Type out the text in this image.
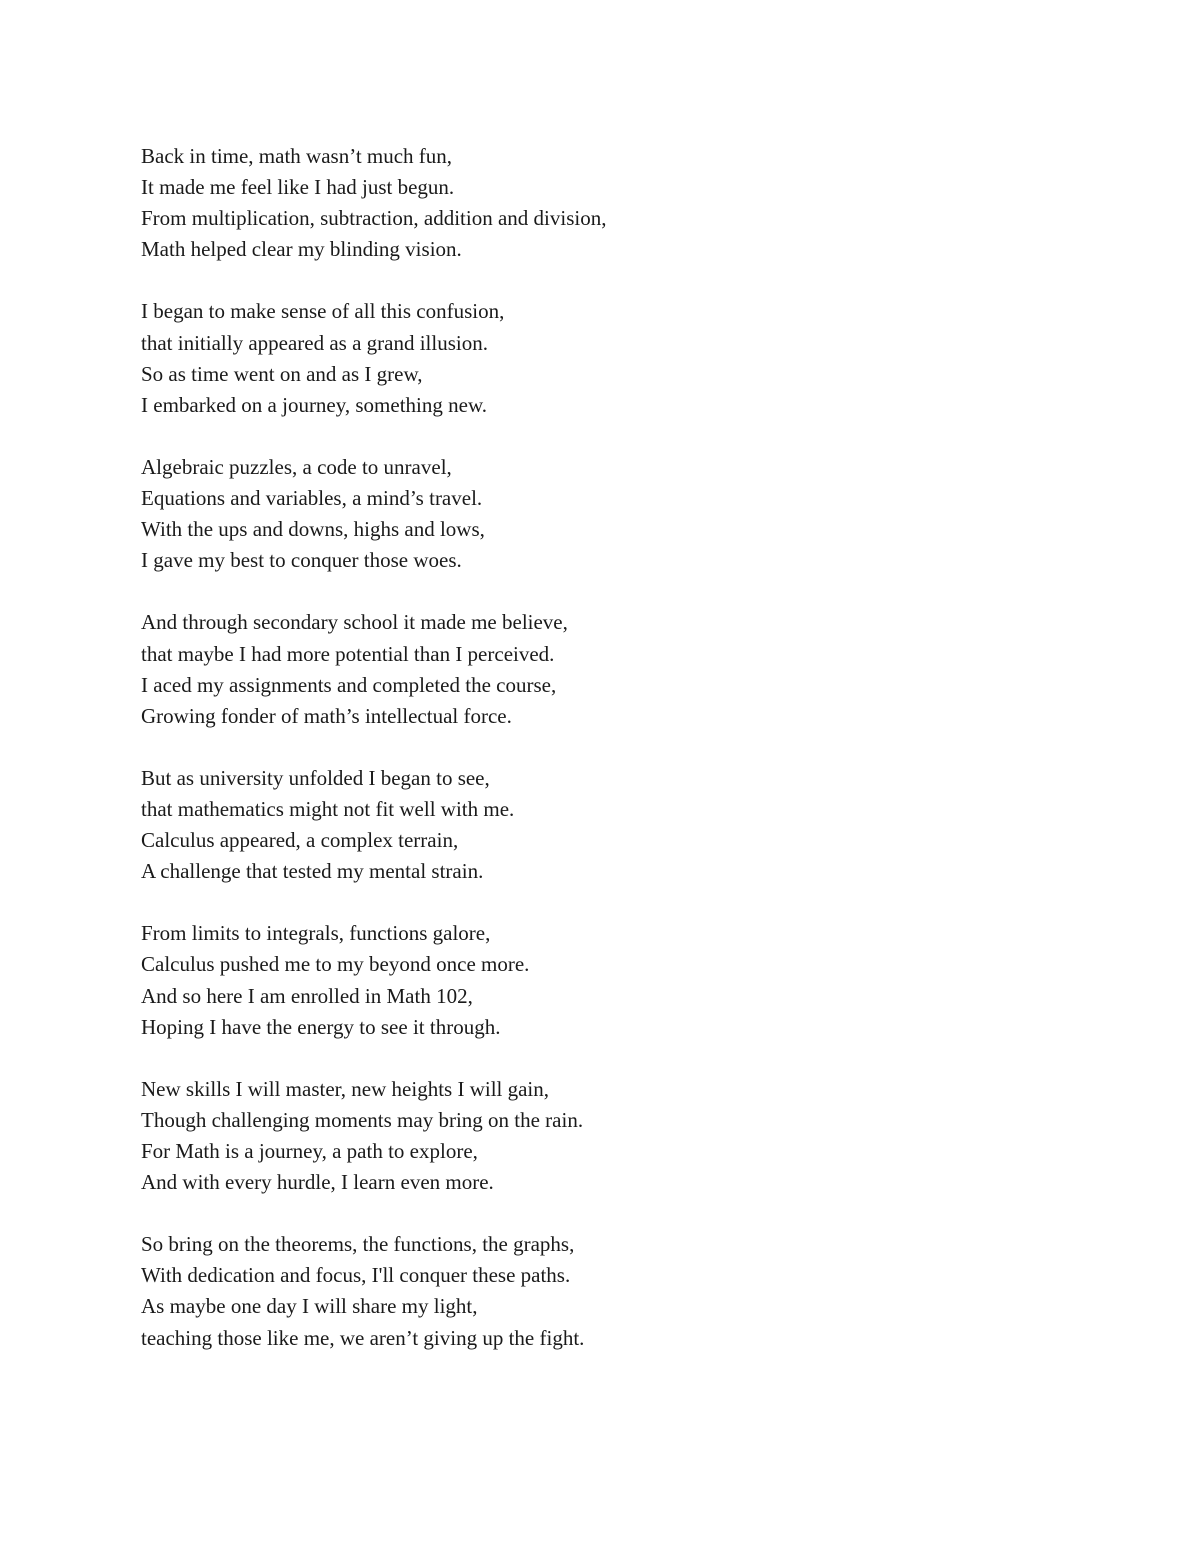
Back in time, math wasn’t much fun,
It made me feel like I had just begun.
From multiplication, subtraction, addition and division,
Math helped clear my blinding vision.
I began to make sense of all this confusion,
that initially appeared as a grand illusion.
So as time went on and as I grew,
I embarked on a journey, something new.
Algebraic puzzles, a code to unravel,
Equations and variables, a mind’s travel.
With the ups and downs, highs and lows,
I gave my best to conquer those woes.
And through secondary school it made me believe,
that maybe I had more potential than I perceived.
I aced my assignments and completed the course,
Growing fonder of math’s intellectual force.
But as university unfolded I began to see,
that mathematics might not fit well with me.
Calculus appeared, a complex terrain,
A challenge that tested my mental strain.
From limits to integrals, functions galore,
Calculus pushed me to my beyond once more.
And so here I am enrolled in Math 102,
Hoping I have the energy to see it through.
New skills I will master, new heights I will gain,
Though challenging moments may bring on the rain.
For Math is a journey, a path to explore,
And with every hurdle, I learn even more.
So bring on the theorems, the functions, the graphs,
With dedication and focus, I'll conquer these paths.
As maybe one day I will share my light,
teaching those like me, we aren’t giving up the fight.
